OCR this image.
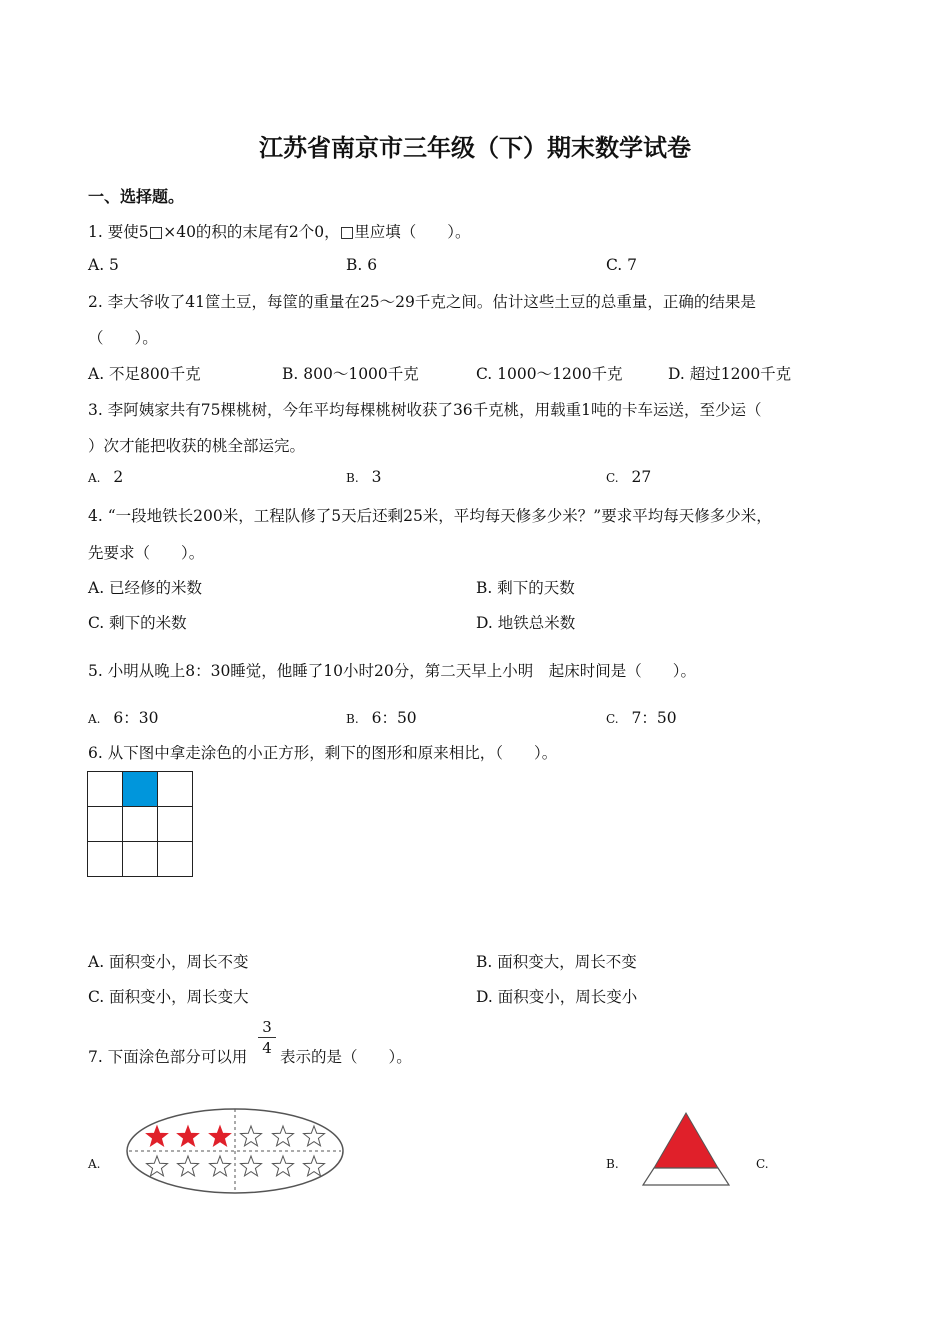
江苏省南京市三年级（下）期末数学试卷
一、选择题。
1. 要使5□×40的积的末尾有2个0，□里应填（　　）。
A. 5	B. 6	C. 7
2. 李大爷收了41筐土豆，每筐的重量在25～29千克之间。估计这些土豆的总重量，正确的结果是
（　　）。
A. 不足800千克	B. 800～1000千克	C. 1000～1200千克	D. 超过1200千克
3. 李阿姨家共有75棵桃树，今年平均每棵桃树收获了36千克桃，用载重1吨的卡车运送，至少运（
）次才能把收获的桃全部运完。
A. 2	B. 3	C. 27
4. “一段地铁长200米，工程队修了5天后还剩25米，平均每天修多少米？”要求平均每天修多少米，
先要求（　　）。
A. 已经修的米数	B. 剩下的天数
C. 剩下的米数	D. 地铁总米数
5. 小明从晚上8：30睡觉，他睡了10小时20分，第二天早上小明　起床时间是（　　）。
A. 6：30	B. 6：50	C. 7：50
6. 从下图中拿走涂色的小正方形，剩下的图形和原来相比，（　　）。

A. 面积变小，周长不变	B. 面积变大，周长不变
C. 面积变小，周长变大	D. 面积变小，周长变小
7. 下面涂色部分可以用
3
4 表示的是（　　）。
A.	B.	C.
